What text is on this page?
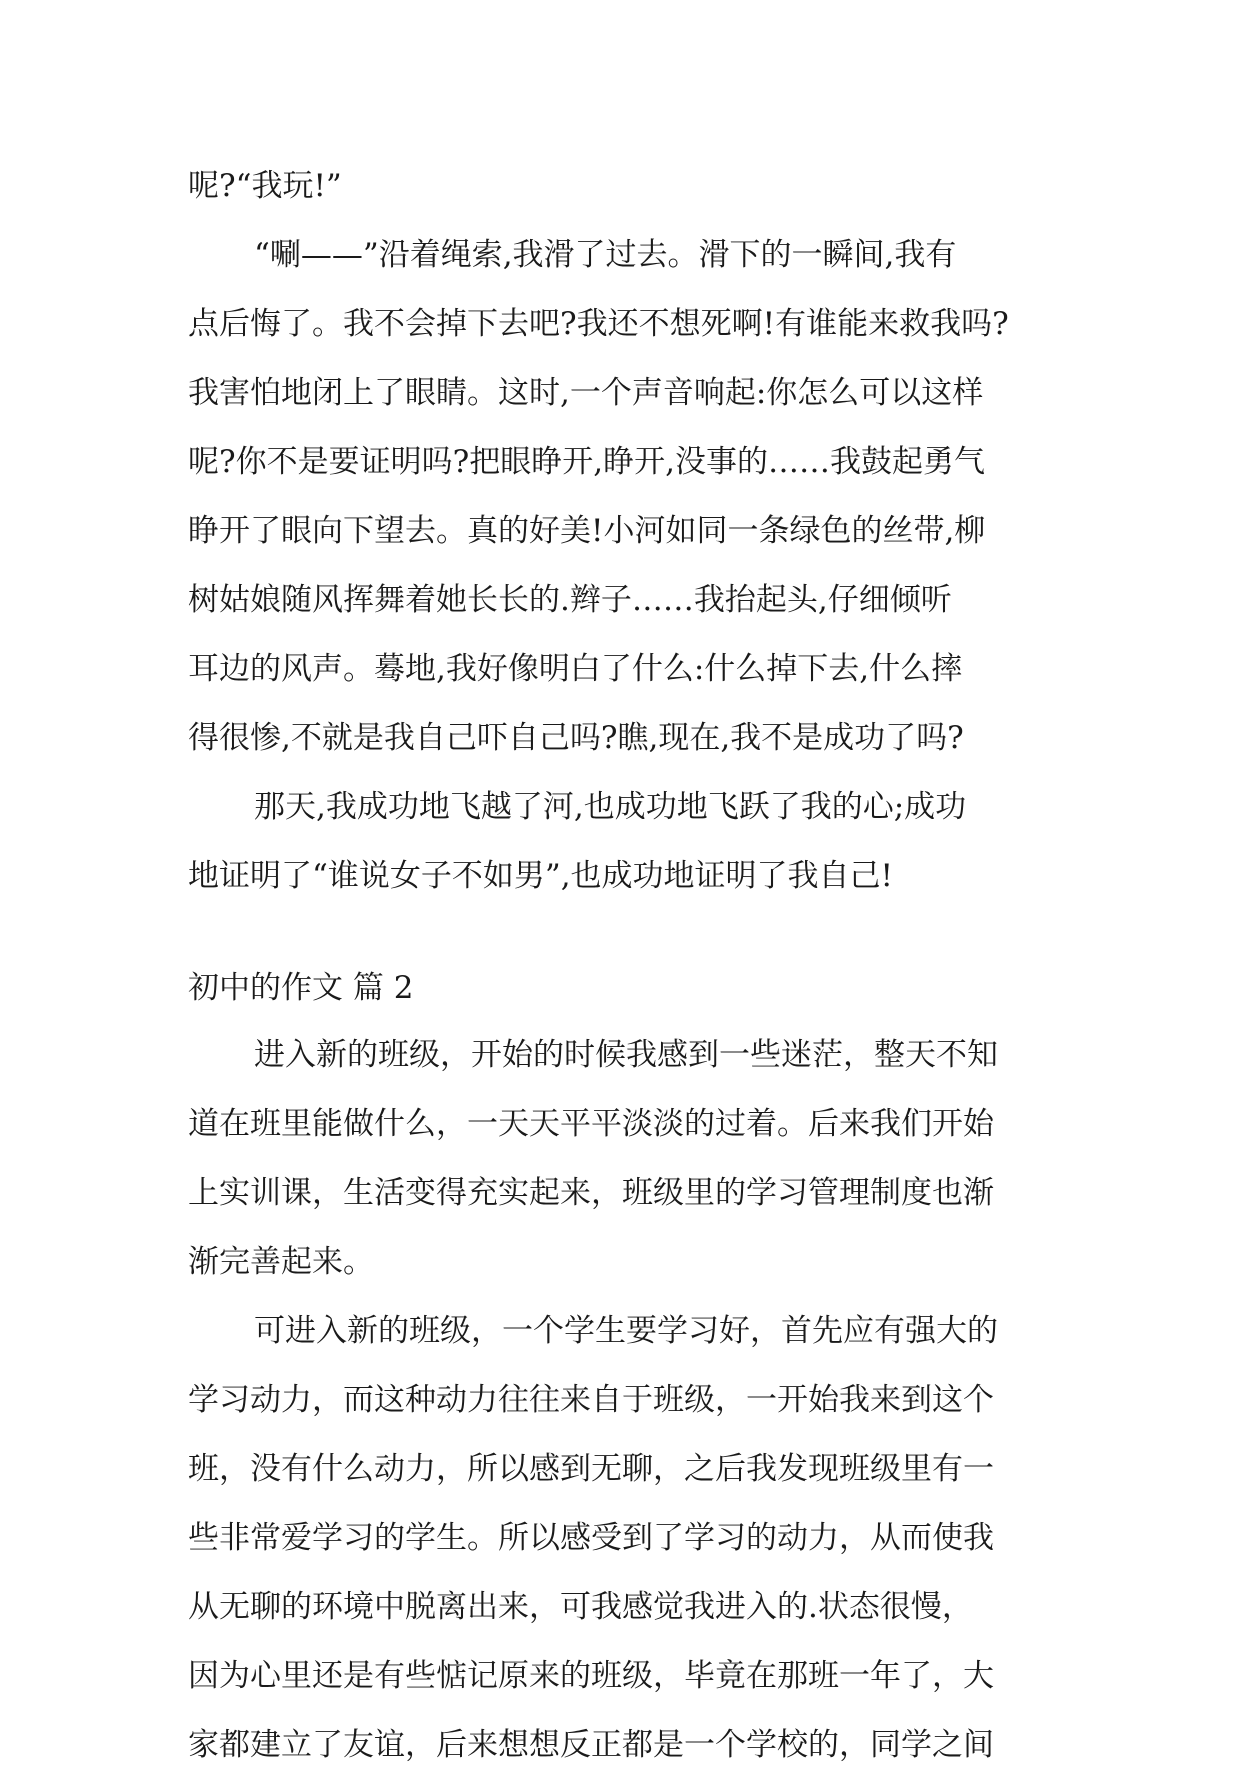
呢?“我玩!”
“唰——”沿着绳索,我滑了过去。滑下的一瞬间,我有
点后悔了。我不会掉下去吧?我还不想死啊!有谁能来救我吗?
我害怕地闭上了眼睛。这时,一个声音响起:你怎么可以这样
呢?你不是要证明吗?把眼睁开,睁开,没事的……我鼓起勇气
睁开了眼向下望去。真的好美!小河如同一条绿色的丝带,柳
树姑娘随风挥舞着她长长的.辫子……我抬起头,仔细倾听
耳边的风声。蓦地,我好像明白了什么:什么掉下去,什么摔
得很惨,不就是我自己吓自己吗?瞧,现在,我不是成功了吗?
那天,我成功地飞越了河,也成功地飞跃了我的心;成功
地证明了“谁说女子不如男”,也成功地证明了我自己!
初中的作文 篇 2
进入新的班级，开始的时候我感到一些迷茫，整天不知
道在班里能做什么，一天天平平淡淡的过着。后来我们开始
上实训课，生活变得充实起来，班级里的学习管理制度也渐
渐完善起来。
可进入新的班级，一个学生要学习好，首先应有强大的
学习动力，而这种动力往往来自于班级，一开始我来到这个
班，没有什么动力，所以感到无聊，之后我发现班级里有一
些非常爱学习的学生。所以感受到了学习的动力，从而使我
从无聊的环境中脱离出来，可我感觉我进入的.状态很慢，
因为心里还是有些惦记原来的班级，毕竟在那班一年了，大
家都建立了友谊，后来想想反正都是一个学校的，同学之间
